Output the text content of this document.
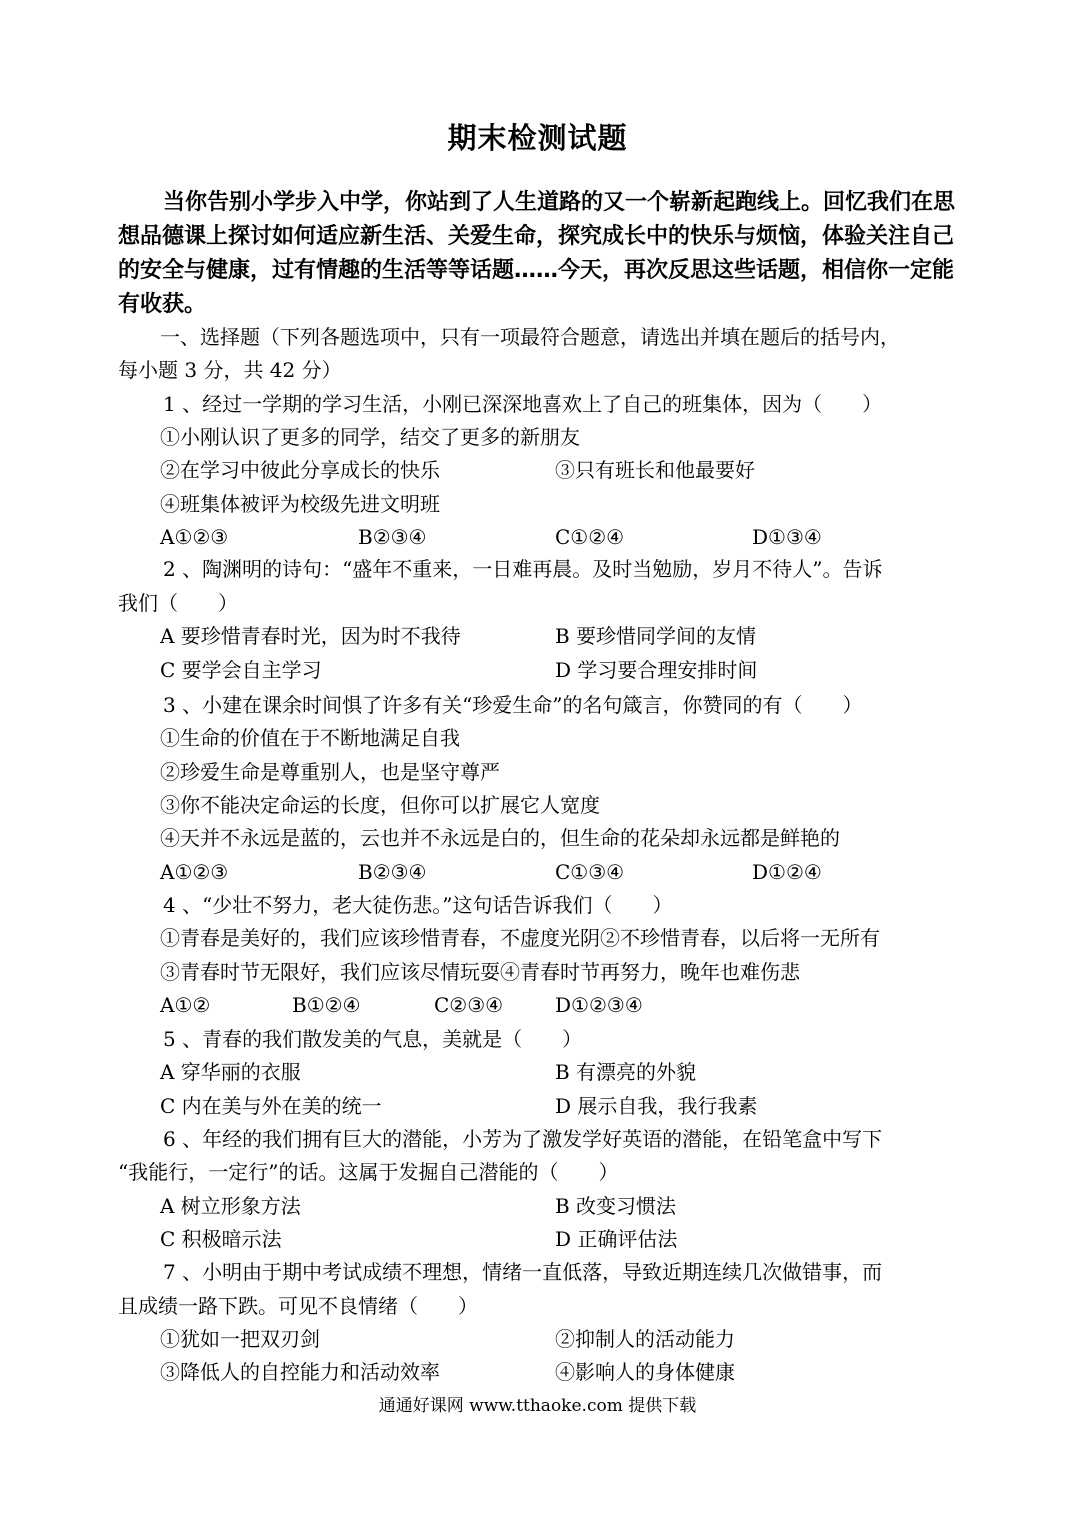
期末检测试题
当你告别小学步入中学，你站到了人生道路的又一个崭新起跑线上。回忆我们在思想品德课上探讨如何适应新生活、关爱生命，探究成长中的快乐与烦恼，体验关注自己的安全与健康，过有情趣的生活等等话题……今天，再次反思这些话题，相信你一定能有收获。
一、选择题（下列各题选项中，只有一项最符合题意，请选出并填在题后的括号内，
每小题 3 分，共 42 分）
1 、经过一学期的学习生活，小刚已深深地喜欢上了自己的班集体，因为（　　）
①小刚认识了更多的同学，结交了更多的新朋友
②在学习中彼此分享成长的快乐	③只有班长和他最要好
④班集体被评为校级先进文明班
A①②③	B②③④	C①②④	D①③④
2 、陶渊明的诗句：“盛年不重来，一日难再晨。及时当勉励，岁月不待人”。告诉
我们（　　）
A 要珍惜青春时光，因为时不我待	B 要珍惜同学间的友情
C 要学会自主学习	D 学习要合理安排时间
3 、小建在课余时间惧了许多有关“珍爱生命”的名句箴言，你赞同的有（　　）
①生命的价值在于不断地满足自我
②珍爱生命是尊重别人，也是坚守尊严
③你不能决定命运的长度，但你可以扩展它人宽度
④天并不永远是蓝的，云也并不永远是白的，但生命的花朵却永远都是鲜艳的
A①②③	B②③④	C①③④	D①②④
4 、“少壮不努力，老大徒伤悲。”这句话告诉我们（　　）
①青春是美好的，我们应该珍惜青春，不虚度光阴②不珍惜青春，以后将一无所有
③青春时节无限好，我们应该尽情玩耍④青春时节再努力，晚年也难伤悲
A①②	B①②④	C②③④	D①②③④
5 、青春的我们散发美的气息，美就是（　　）
A 穿华丽的衣服	B 有漂亮的外貌
C 内在美与外在美的统一	D 展示自我，我行我素
6 、年经的我们拥有巨大的潜能，小芳为了激发学好英语的潜能，在铅笔盒中写下
“我能行，一定行”的话。这属于发掘自己潜能的（　　）
A 树立形象方法	B 改变习惯法
C 积极暗示法	D 正确评估法
7 、小明由于期中考试成绩不理想，情绪一直低落，导致近期连续几次做错事，而
且成绩一路下跌。可见不良情绪（　　）
①犹如一把双刃剑	②抑制人的活动能力
③降低人的自控能力和活动效率	④影响人的身体健康
通通好课网 www.tthaoke.com 提供下载
